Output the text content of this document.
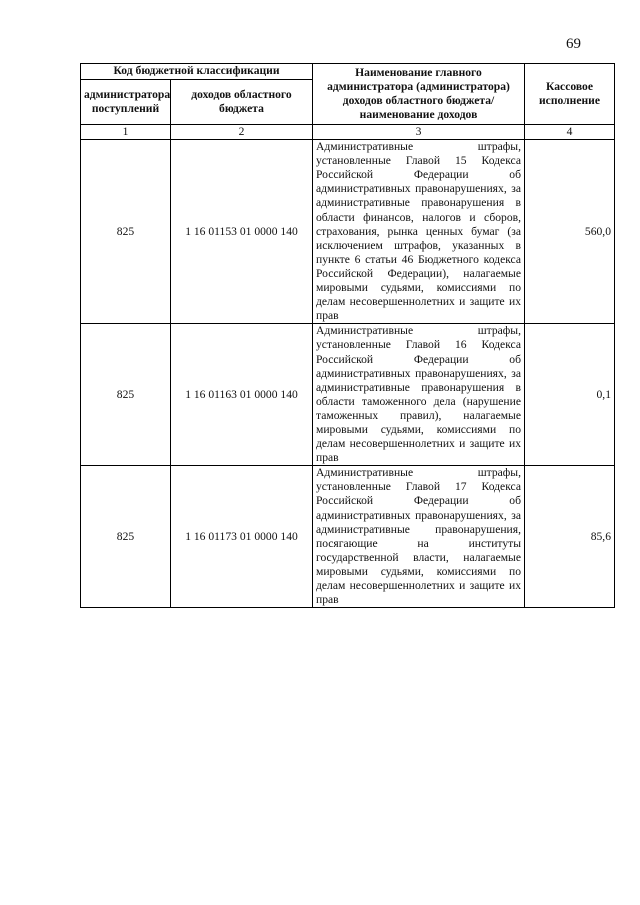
69
Код бюджетной классификации		Наименование главного администратора (администратора) доходов областного бюджета/ наименование доходов	Кассовое исполнение
администратора поступлений	доходов областного бюджета		
1	2	3	4
825	1 16 01153 01 0000 140	Административные штрафы, установленные Главой 15 Кодекса Российской Федерации об административных правонарушениях, за административные правонарушения в области финансов, налогов и сборов, страхования, рынка ценных бумаг (за исключением штрафов, указанных в пункте 6 статьи 46 Бюджетного кодекса Российской Федерации), налагаемые мировыми судьями, комиссиями по делам несовершеннолетних и защите их прав	560,0
825	1 16 01163 01 0000 140	Административные штрафы, установленные Главой 16 Кодекса Российской Федерации об административных правонарушениях, за административные правонарушения в области таможенного дела (нарушение таможенных правил), налагаемые мировыми судьями, комиссиями по делам несовершеннолетних и защите их прав	0,1
825	1 16 01173 01 0000 140	Административные штрафы, установленные Главой 17 Кодекса Российской Федерации об административных правонарушениях, за административные правонарушения, посягающие на институты государственной власти, налагаемые мировыми судьями, комиссиями по делам несовершеннолетних и защите их прав	85,6
